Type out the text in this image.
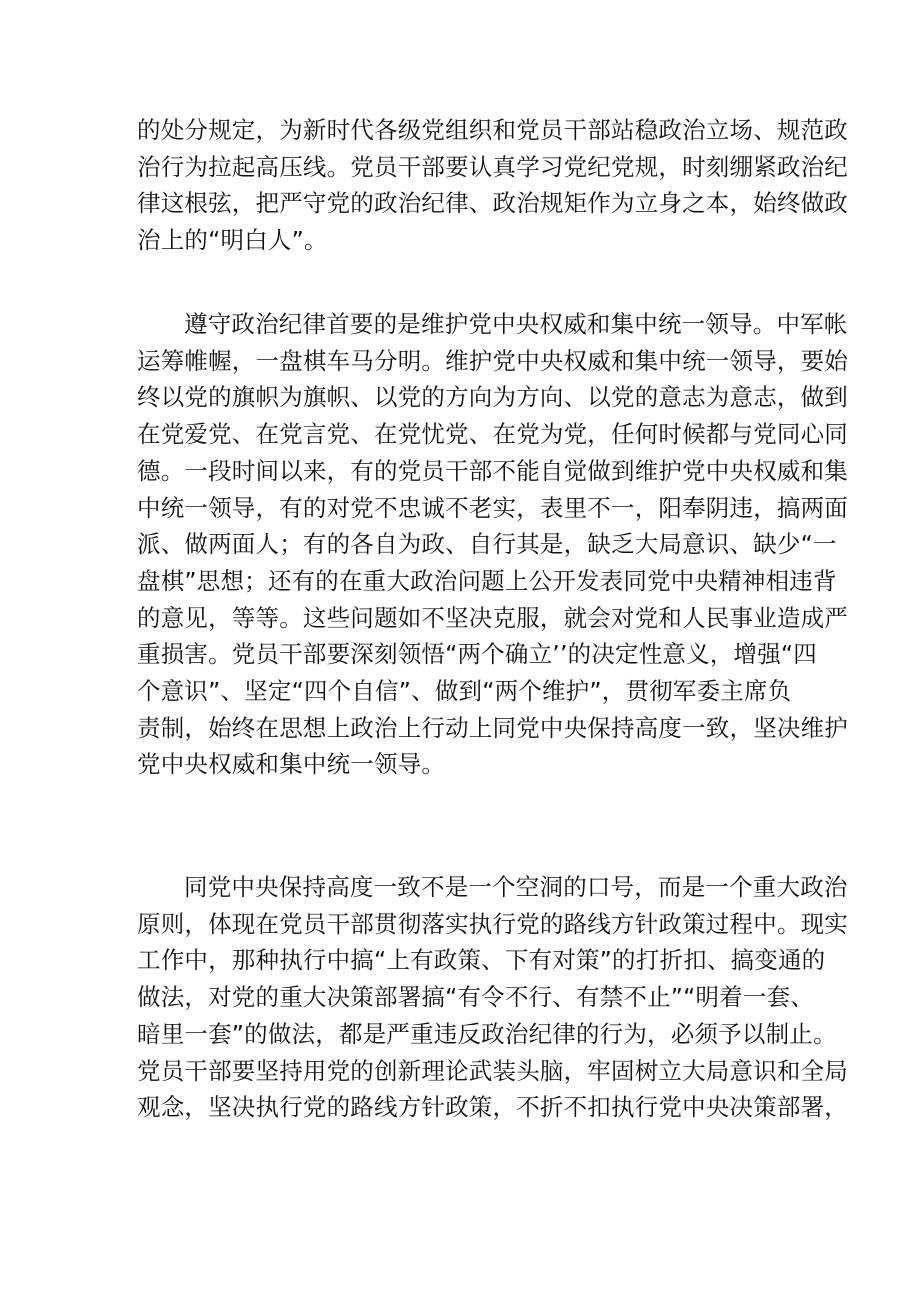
的处分规定，为新时代各级党组织和党员干部站稳政治立场、规范政
治行为拉起高压线。党员干部要认真学习党纪党规，时刻绷紧政治纪
律这根弦，把严守党的政治纪律、政治规矩作为立身之本，始终做政
治上的“明白人”。

遵守政治纪律首要的是维护党中央权威和集中统一领导。中军帐
运筹帷幄，一盘棋车马分明。维护党中央权威和集中统一领导，要始
终以党的旗帜为旗帜、以党的方向为方向、以党的意志为意志，做到
在党爱党、在党言党、在党忧党、在党为党，任何时候都与党同心同
德。一段时间以来，有的党员干部不能自觉做到维护党中央权威和集
中统一领导，有的对党不忠诚不老实，表里不一，阳奉阴违，搞两面
派、做两面人；有的各自为政、自行其是，缺乏大局意识、缺少“一
盘棋”思想；还有的在重大政治问题上公开发表同党中央精神相违背
的意见，等等。这些问题如不坚决克服，就会对党和人民事业造成严
重损害。党员干部要深刻领悟“两个确立’’的决定性意义，增强“四
个意识”、坚定“四个自信”、做到“两个维护”，贯彻军委主席负
责制，始终在思想上政治上行动上同党中央保持高度一致，坚决维护
党中央权威和集中统一领导。

同党中央保持高度一致不是一个空洞的口号，而是一个重大政治
原则，体现在党员干部贯彻落实执行党的路线方针政策过程中。现实
工作中，那种执行中搞“上有政策、下有对策”的打折扣、搞变通的
做法，对党的重大决策部署搞“有令不行、有禁不止”“明着一套、
暗里一套”的做法，都是严重违反政治纪律的行为，必须予以制止。
党员干部要坚持用党的创新理论武装头脑，牢固树立大局意识和全局
观念，坚决执行党的路线方针政策，不折不扣执行党中央决策部署，
